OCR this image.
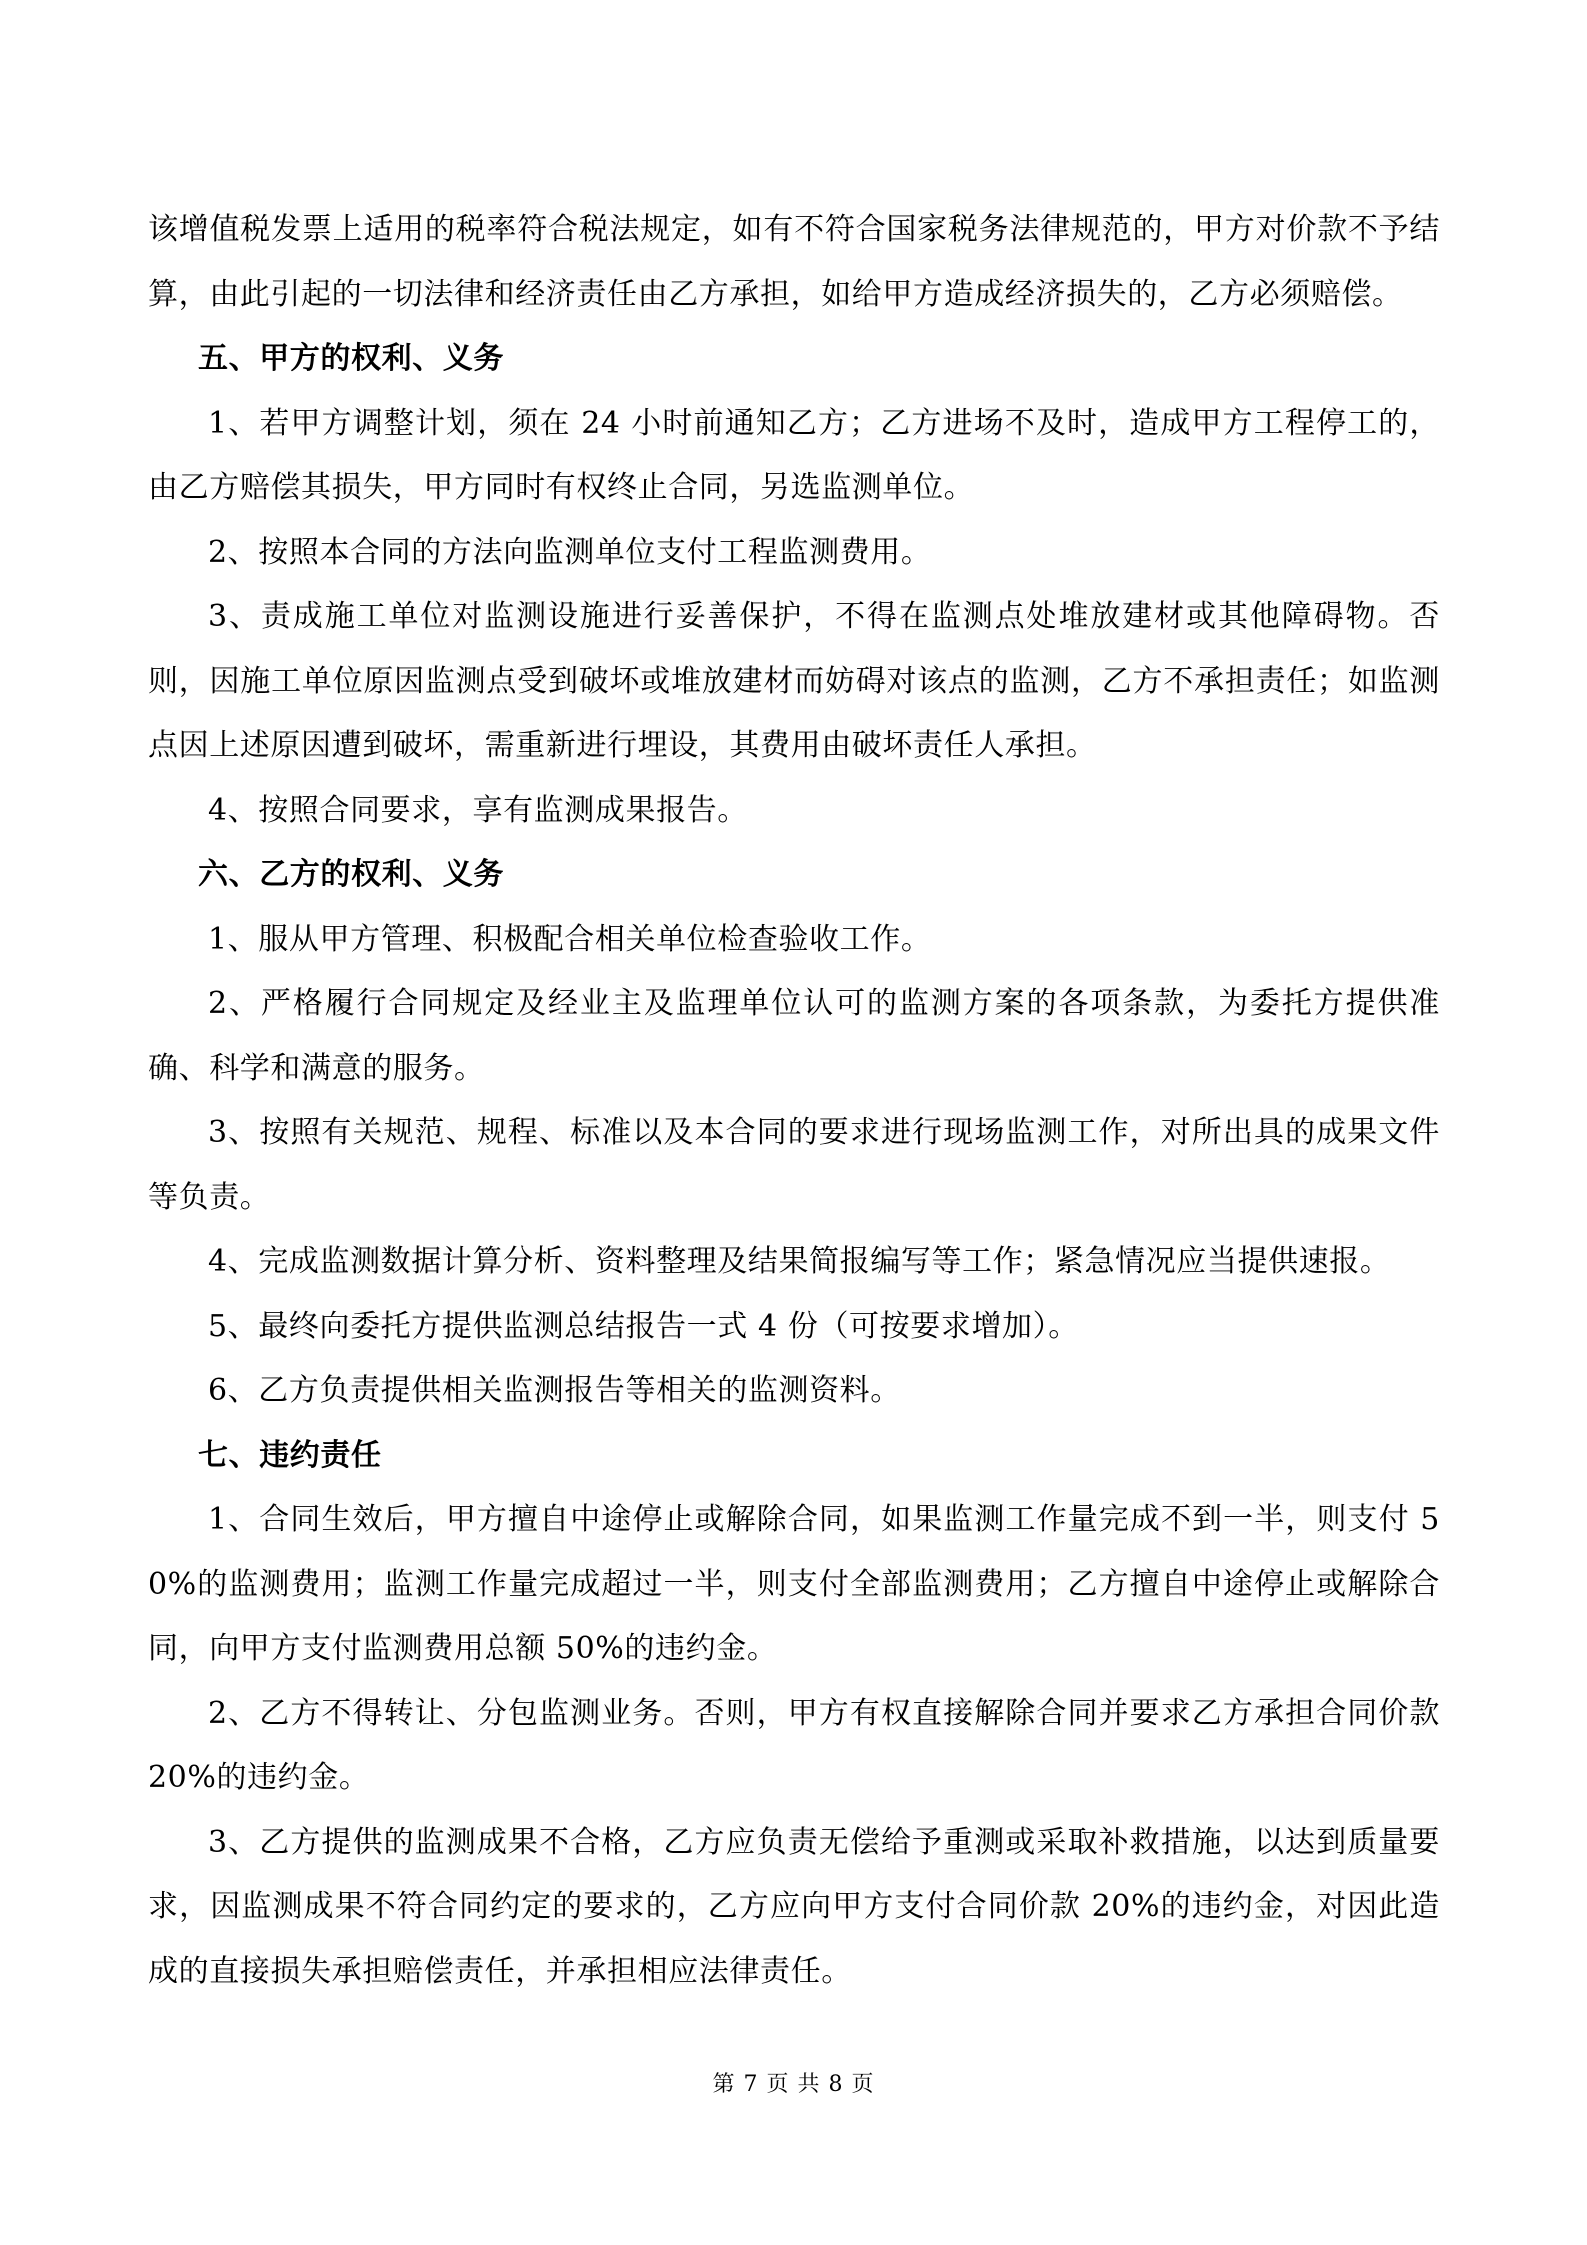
该增值税发票上适用的税率符合税法规定，如有不符合国家税务法律规范的，甲方对价款不予结算，由此引起的一切法律和经济责任由乙方承担，如给甲方造成经济损失的，乙方必须赔偿。

五、甲方的权利、义务

1、若甲方调整计划，须在 24 小时前通知乙方；乙方进场不及时，造成甲方工程停工的，由乙方赔偿其损失，甲方同时有权终止合同，另选监测单位。

2、按照本合同的方法向监测单位支付工程监测费用。

3、责成施工单位对监测设施进行妥善保护，不得在监测点处堆放建材或其他障碍物。否则，因施工单位原因监测点受到破坏或堆放建材而妨碍对该点的监测，乙方不承担责任；如监测点因上述原因遭到破坏，需重新进行埋设，其费用由破坏责任人承担。

4、按照合同要求，享有监测成果报告。

六、乙方的权利、义务

1、服从甲方管理、积极配合相关单位检查验收工作。

2、严格履行合同规定及经业主及监理单位认可的监测方案的各项条款，为委托方提供准确、科学和满意的服务。

3、按照有关规范、规程、标准以及本合同的要求进行现场监测工作，对所出具的成果文件等负责。

4、完成监测数据计算分析、资料整理及结果简报编写等工作；紧急情况应当提供速报。

5、最终向委托方提供监测总结报告一式 4 份（可按要求增加）。

6、乙方负责提供相关监测报告等相关的监测资料。

七、违约责任

1、合同生效后，甲方擅自中途停止或解除合同，如果监测工作量完成不到一半，则支付 50%的监测费用；监测工作量完成超过一半，则支付全部监测费用；乙方擅自中途停止或解除合同，向甲方支付监测费用总额 50%的违约金。

2、乙方不得转让、分包监测业务。否则，甲方有权直接解除合同并要求乙方承担合同价款 20%的违约金。

3、乙方提供的监测成果不合格，乙方应负责无偿给予重测或采取补救措施，以达到质量要求，因监测成果不符合同约定的要求的，乙方应向甲方支付合同价款 20%的违约金，对因此造成的直接损失承担赔偿责任，并承担相应法律责任。

第 7 页 共 8 页
